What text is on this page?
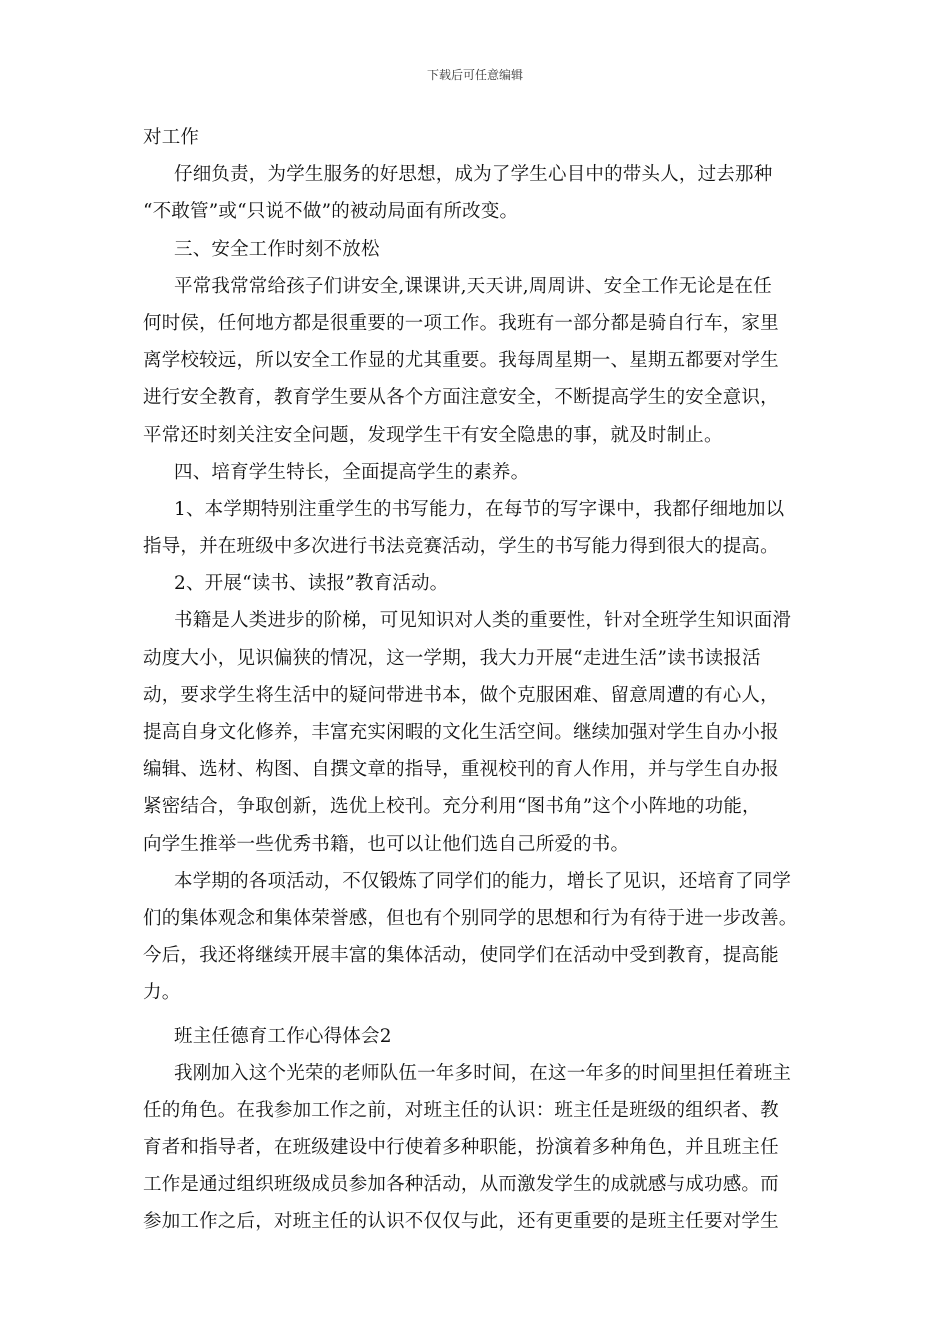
下载后可任意编辑
对工作
仔细负责，为学生服务的好思想，成为了学生心目中的带头人，过去那种
“不敢管”或“只说不做”的被动局面有所改变。
三、安全工作时刻不放松
平常我常常给孩子们讲安全,课课讲,天天讲,周周讲、安全工作无论是在任
何时侯，任何地方都是很重要的一项工作。我班有一部分都是骑自行车，家里
离学校较远，所以安全工作显的尤其重要。我每周星期一、星期五都要对学生
进行安全教育，教育学生要从各个方面注意安全，不断提高学生的安全意识，
平常还时刻关注安全问题，发现学生干有安全隐患的事，就及时制止。
四、培育学生特长，全面提高学生的素养。
1、本学期特别注重学生的书写能力，在每节的写字课中，我都仔细地加以
指导，并在班级中多次进行书法竞赛活动，学生的书写能力得到很大的提高。
2、开展“读书、读报”教育活动。
书籍是人类进步的阶梯，可见知识对人类的重要性，针对全班学生知识面滑
动度大小，见识偏狭的情况，这一学期，我大力开展“走进生活”读书读报活
动，要求学生将生活中的疑问带进书本，做个克服困难、留意周遭的有心人，
提高自身文化修养，丰富充实闲暇的文化生活空间。继续加强对学生自办小报
编辑、选材、构图、自撰文章的指导，重视校刊的育人作用，并与学生自办报
紧密结合，争取创新，选优上校刊。充分利用“图书角”这个小阵地的功能，
向学生推举一些优秀书籍，也可以让他们选自己所爱的书。
本学期的各项活动，不仅锻炼了同学们的能力，增长了见识，还培育了同学
们的集体观念和集体荣誉感，但也有个别同学的思想和行为有待于进一步改善。
今后，我还将继续开展丰富的集体活动，使同学们在活动中受到教育，提高能
力。
班主任德育工作心得体会2
我刚加入这个光荣的老师队伍一年多时间，在这一年多的时间里担任着班主
任的角色。在我参加工作之前，对班主任的认识：班主任是班级的组织者、教
育者和指导者，在班级建设中行使着多种职能，扮演着多种角色，并且班主任
工作是通过组织班级成员参加各种活动，从而激发学生的成就感与成功感。而
参加工作之后，对班主任的认识不仅仅与此，还有更重要的是班主任要对学生
